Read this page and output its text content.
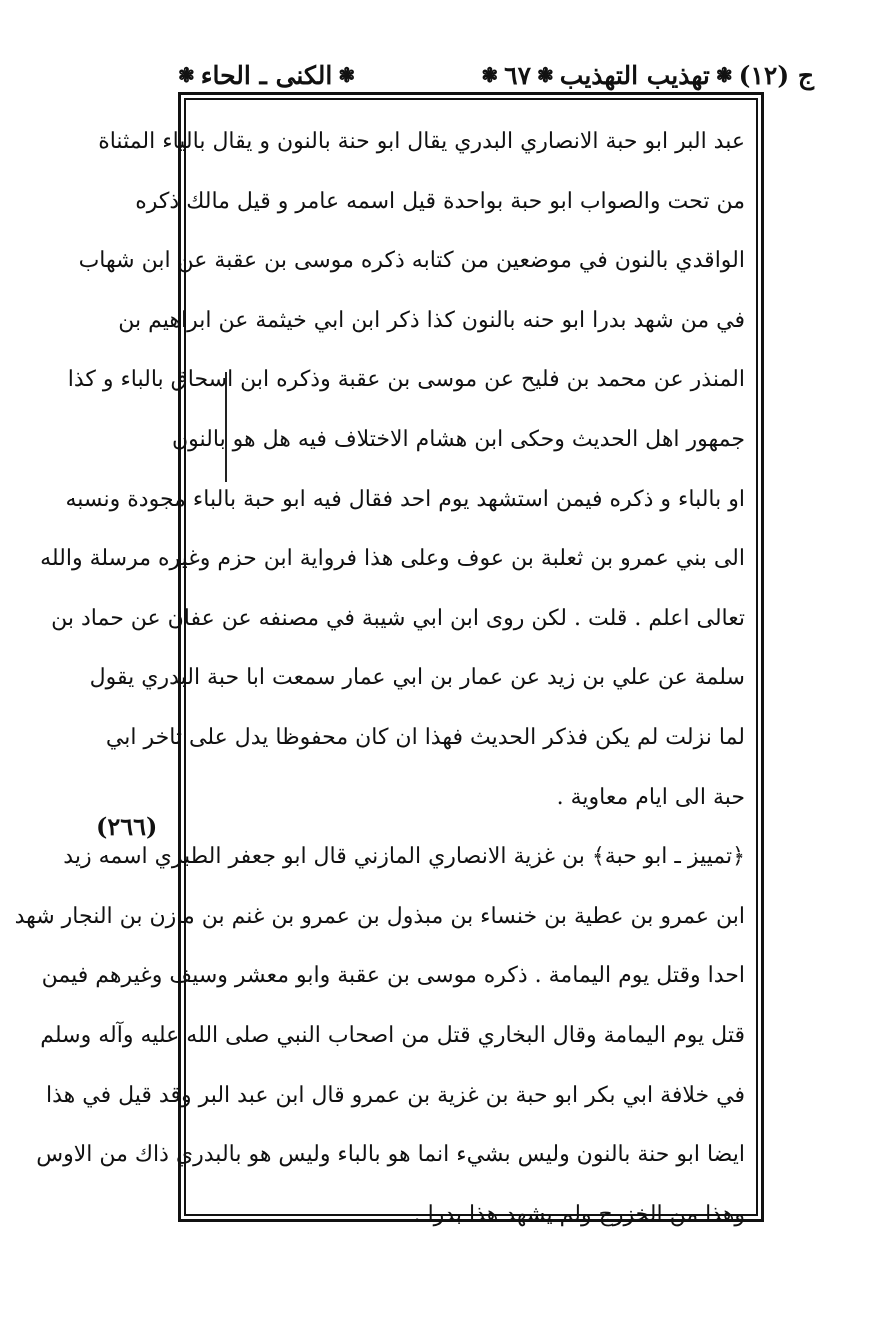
ج (١٢)
❃
تهذيب التهذيب
❃
٦٧
❃
❃
الكنى ـ الحاء
❃
(٢٦٦)
عبد البر ابو حبة الانصاري البدري يقال ابو حنة بالنون و يقال بالياء المثناة
من تحت والصواب ابو حبة بواحدة قيل اسمه عامر و قيل مالك ذكره
الواقدي بالنون في موضعين من كتابه ذكره موسى بن عقبة عن ابن شهاب
في من شهد بدرا ابو حنه بالنون كذا ذكر ابن ابي خيثمة عن ابراهيم بن
المنذر عن محمد بن فليح عن موسى بن عقبة وذكره ابن اسحاق بالباء و كذا
جمهور اهل الحديث وحكى ابن هشام الاختلاف فيه هل هو بالنون
او بالباء و ذكره فيمن استشهد يوم احد فقال فيه ابو حبة بالباء مجودة ونسبه
الى بني عمرو بن ثعلبة بن عوف وعلى هذا فرواية ابن حزم وغيره مرسلة والله
تعالى اعلم . قلت . لكن روى ابن ابي شيبة في مصنفه عن عفان عن حماد بن
سلمة عن علي بن زيد عن عمار بن ابي عمار سمعت ابا حبة البدري يقول
لما نزلت لم يكن فذكر الحديث فهذا ان كان محفوظا يدل على تاخر ابي
حبة الى ايام معاوية .
﴿تمييز ـ ابو حبة﴾ بن غزية الانصاري المازني قال ابو جعفر الطبري اسمه زيد
ابن عمرو بن عطية بن خنساء بن مبذول بن عمرو بن غنم بن مازن بن النجار شهد
احدا وقتل يوم اليمامة . ذكره موسى بن عقبة وابو معشر وسيف وغيرهم فيمن
قتل يوم اليمامة وقال البخاري قتل من اصحاب النبي صلى الله عليه وآله وسلم
في خلافة ابي بكر ابو حبة بن غزية بن عمرو قال ابن عبد البر وقد قيل في هذا
ايضا ابو حنة بالنون وليس بشيء انما هو بالباء وليس هو بالبدري ذاك من الاوس
وهذا من الخزرج ولم يشهد هذا بدرا .
